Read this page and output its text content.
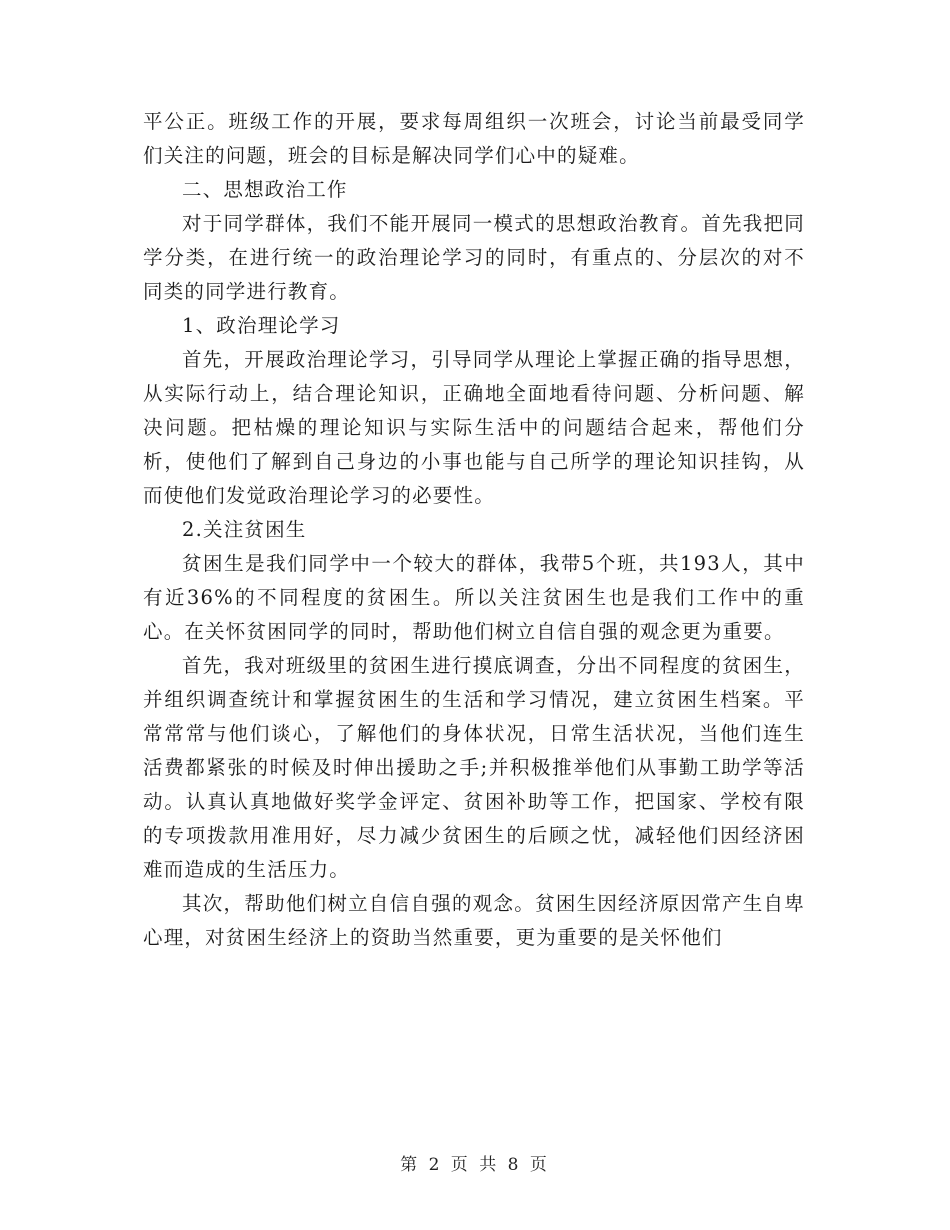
平公正。班级工作的开展，要求每周组织一次班会，讨论当前最受同学们关注的问题，班会的目标是解决同学们心中的疑难。

二、思想政治工作

对于同学群体，我们不能开展同一模式的思想政治教育。首先我把同学分类，在进行统一的政治理论学习的同时，有重点的、分层次的对不同类的同学进行教育。

1、政治理论学习

首先，开展政治理论学习，引导同学从理论上掌握正确的指导思想，从实际行动上，结合理论知识，正确地全面地看待问题、分析问题、解决问题。把枯燥的理论知识与实际生活中的问题结合起来，帮他们分析，使他们了解到自己身边的小事也能与自己所学的理论知识挂钩，从而使他们发觉政治理论学习的必要性。

2.关注贫困生

贫困生是我们同学中一个较大的群体，我带5个班，共193人，其中有近36%的不同程度的贫困生。所以关注贫困生也是我们工作中的重心。在关怀贫困同学的同时，帮助他们树立自信自强的观念更为重要。

首先，我对班级里的贫困生进行摸底调查，分出不同程度的贫困生，并组织调查统计和掌握贫困生的生活和学习情况，建立贫困生档案。平常常常与他们谈心，了解他们的身体状况，日常生活状况，当他们连生活费都紧张的时候及时伸出援助之手;并积极推举他们从事勤工助学等活动。认真认真地做好奖学金评定、贫困补助等工作，把国家、学校有限的专项拨款用准用好，尽力减少贫困生的后顾之忧，减轻他们因经济困难而造成的生活压力。

其次，帮助他们树立自信自强的观念。贫困生因经济原因常产生自卑心理，对贫困生经济上的资助当然重要，更为重要的是关怀他们

第 2 页 共 8 页
